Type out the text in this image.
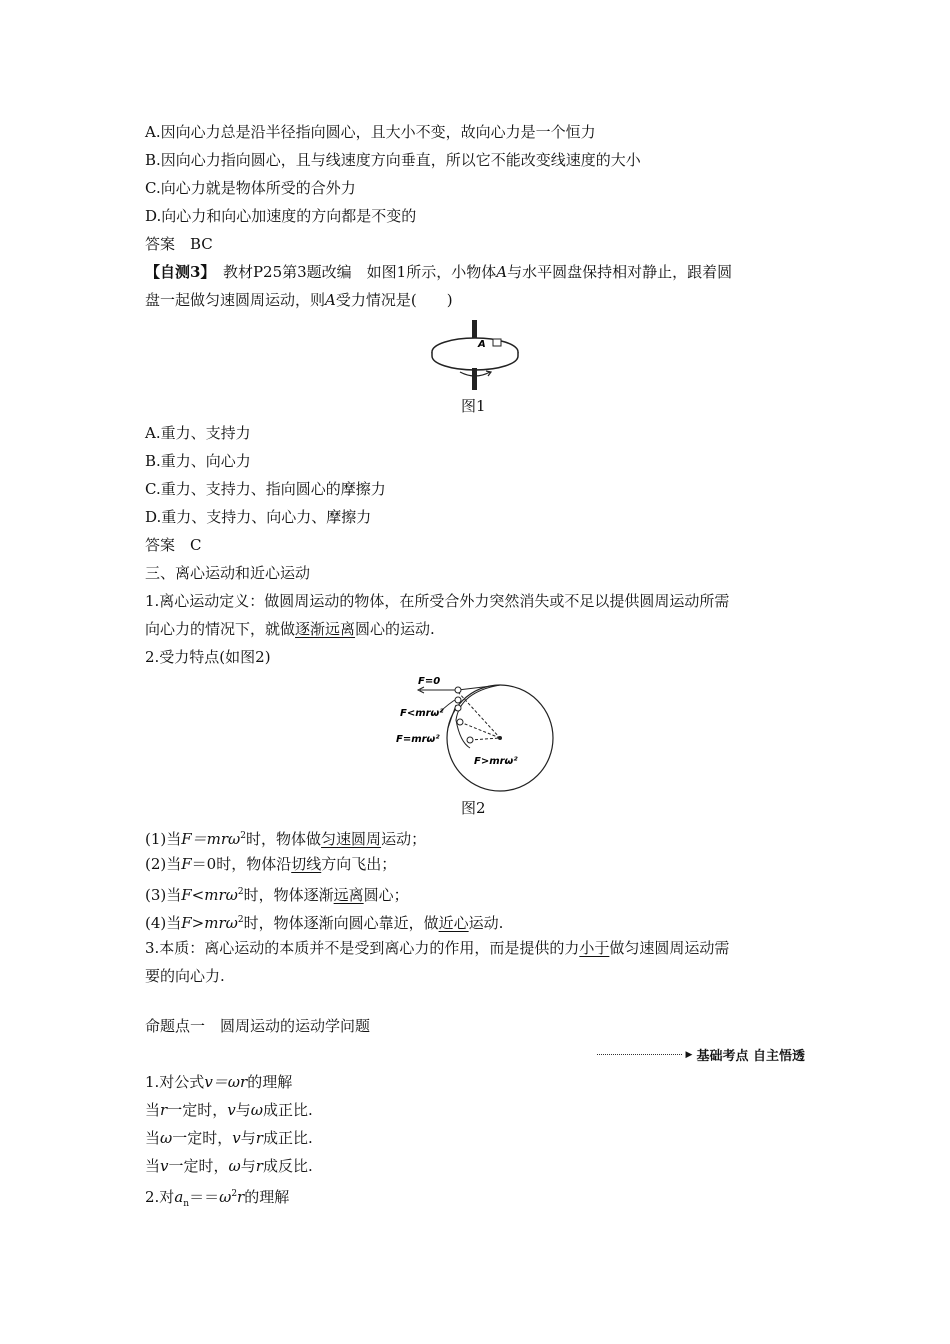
A.因向心力总是沿半径指向圆心，且大小不变，故向心力是一个恒力
B.因向心力指向圆心，且与线速度方向垂直，所以它不能改变线速度的大小
C.向心力就是物体所受的合外力
D.向心力和向心加速度的方向都是不变的
答案　BC
【自测3】　教材P25第3题改编　如图1所示，小物体A与水平圆盘保持相对静止，跟着圆
盘一起做匀速圆周运动，则A受力情况是(　　)
A
图1
A.重力、支持力
B.重力、向心力
C.重力、支持力、指向圆心的摩擦力
D.重力、支持力、向心力、摩擦力
答案　C
三、离心运动和近心运动
1.离心运动定义：做圆周运动的物体，在所受合外力突然消失或不足以提供圆周运动所需
向心力的情况下，就做逐渐远离圆心的运动.
2.受力特点(如图2)
F=0
F<mrω²
F=mrω²
F>mrω²
图2
(1)当F＝mrω$^2$时，物体做匀速圆周运动；
(2)当F＝0时，物体沿切线方向飞出；
(3)当F<mrω$^2$时，物体逐渐远离圆心；
(4)当F>mrω$^2$时，物体逐渐向圆心靠近，做近心运动.
3.本质：离心运动的本质并不是受到离心力的作用，而是提供的力小于做匀速圆周运动需
要的向心力.
命题点一　圆周运动的运动学问题
▶ 基础考点 自主悟透
1.对公式v＝ωr的理解
当r一定时，v与ω成正比.
当ω一定时，v与r成正比.
当v一定时，ω与r成反比.
2.对$a_n==\omega^2r$的理解
